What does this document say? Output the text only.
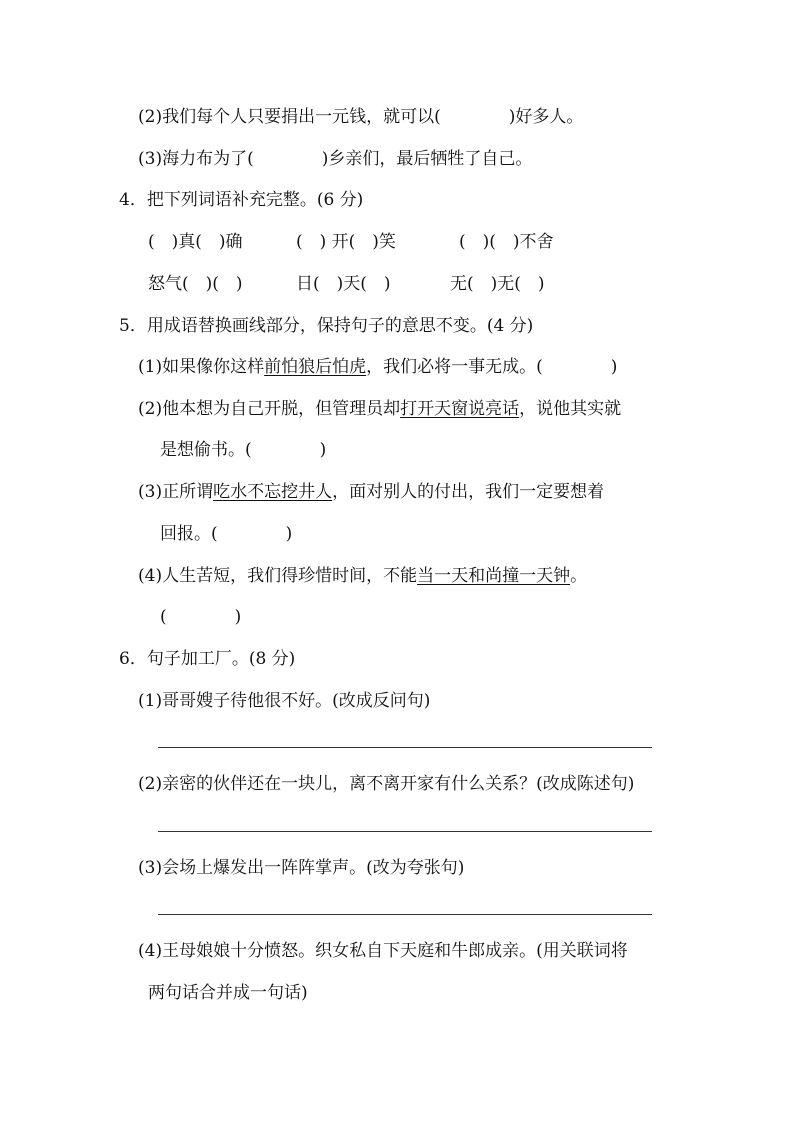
(2)我们每个人只要捐出一元钱，就可以(　　　　)好多人。
(3)海力布为了(　　　　)乡亲们，最后牺牲了自己。
4．把下列词语补充完整。(6 分)
(　)真(　)确	(　) 开(　)笑	(　)(　)不舍
怒气(　)(　)	日(　)天(　)	无(　)无(　)
5．用成语替换画线部分，保持句子的意思不变。(4 分)
(1)如果像你这样前怕狼后怕虎，我们必将一事无成。(　　　　)
(2)他本想为自己开脱，但管理员却打开天窗说亮话，说他其实就
是想偷书。(　　　　)
(3)正所谓吃水不忘挖井人，面对别人的付出，我们一定要想着
回报。(　　　　)
(4)人生苦短，我们得珍惜时间，不能当一天和尚撞一天钟。
(　　　　)
6．句子加工厂。(8 分)
(1)哥哥嫂子待他很不好。(改成反问句)
(2)亲密的伙伴还在一块儿，离不离开家有什么关系？(改成陈述句)
(3)会场上爆发出一阵阵掌声。(改为夸张句)
(4)王母娘娘十分愤怒。织女私自下天庭和牛郎成亲。(用关联词将
两句话合并成一句话)
